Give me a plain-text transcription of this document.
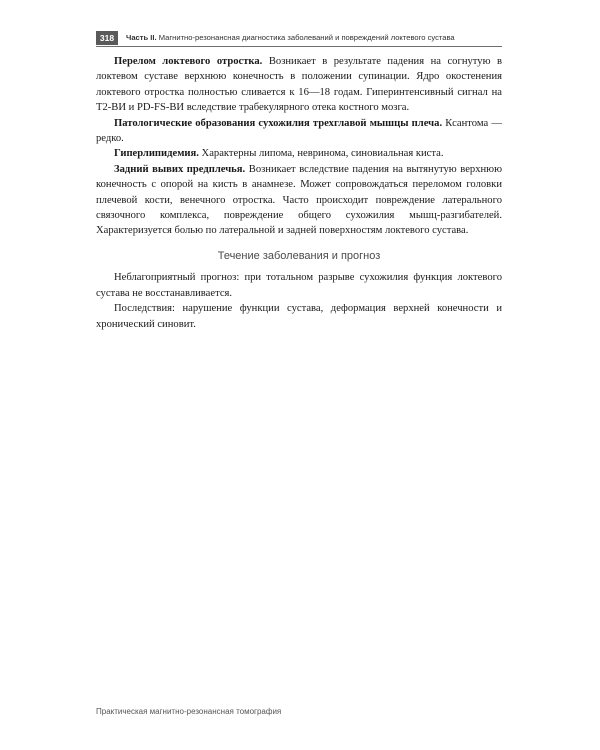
318	Часть II. Магнитно-резонансная диагностика заболеваний и повреждений локтевого сустава

Перелом локтевого отростка. Возникает в результате падения на согнутую в локтевом суставе верхнюю конечность в положении супинации. Ядро окостенения локтевого отростка полностью сливается к 16—18 годам. Гиперинтенсивный сигнал на T2-ВИ и PD-FS-ВИ вследствие трабекулярного отека костного мозга.

Патологические образования сухожилия трехглавой мышцы плеча. Ксантома — редко.

Гиперлипидемия. Характерны липома, невринома, синовиальная киста.

Задний вывих предплечья. Возникает вследствие падения на вытянутую верхнюю конечность с опорой на кисть в анамнезе. Может сопровождаться переломом головки плечевой кости, венечного отростка. Часто происходит повреждение латерального связочного комплекса, повреждение общего сухожилия мышц-разгибателей. Характеризуется болью по латеральной и задней поверхностям локтевого сустава.

Течение заболевания и прогноз

Неблагоприятный прогноз: при тотальном разрыве сухожилия функция локтевого сустава не восстанавливается.

Последствия: нарушение функции сустава, деформация верхней конечности и хронический синовит.

Практическая магнитно-резонансная томография
